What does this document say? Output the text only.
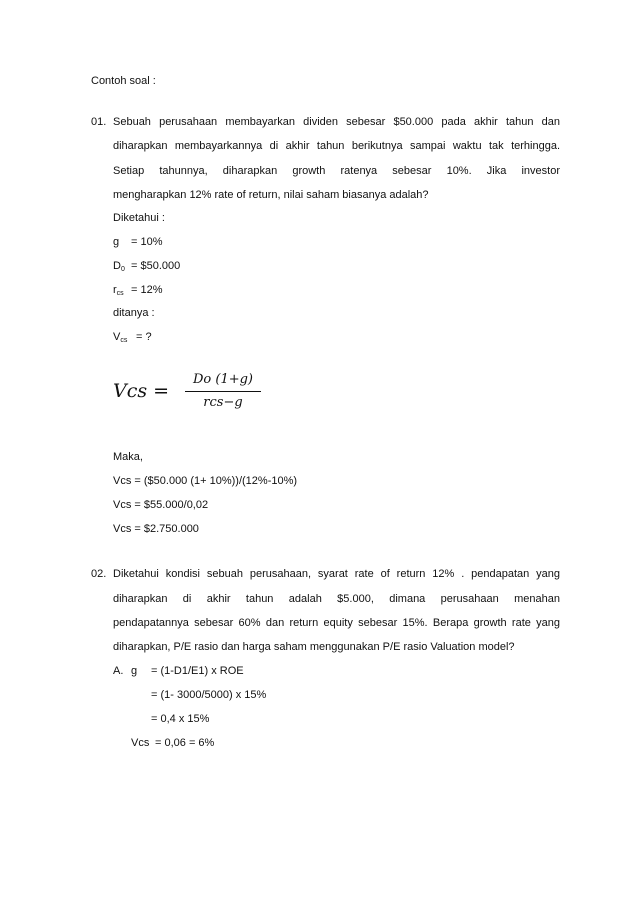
Contoh soal :
01. Sebuah perusahaan membayarkan dividen sebesar $50.000 pada akhir tahun dan
diharapkan membayarkannya di akhir tahun berikutnya sampai waktu tak terhingga.
Setiap tahunnya, diharapkan growth ratenya sebesar 10%. Jika investor
mengharapkan 12% rate of return, nilai saham biasanya adalah?
Diketahui :
g = 10%
$D_0$ = $50.000
$r_{cs} = 12\%$
ditanya :
$V_{cs}$ = ?
Vcs =
Do (1+g)
rcs−g
Maka,
Vcs = ($50.000 (1+ 10%))/(12%-10%)
Vcs = $55.000/0,02
Vcs = $2.750.000
02. Diketahui kondisi sebuah perusahaan, syarat rate of return 12% . pendapatan yang
diharapkan di akhir tahun adalah $5.000, dimana perusahaan menahan
pendapatannya sebesar 60% dan return equity sebesar 15%. Berapa growth rate yang
diharapkan, P/E rasio dan harga saham menggunakan P/E rasio Valuation model?
A. g = (1-D1/E1) x ROE
= (1- 3000/5000) x 15%
= 0,4 x 15%
Vcs = 0,06 = 6%
